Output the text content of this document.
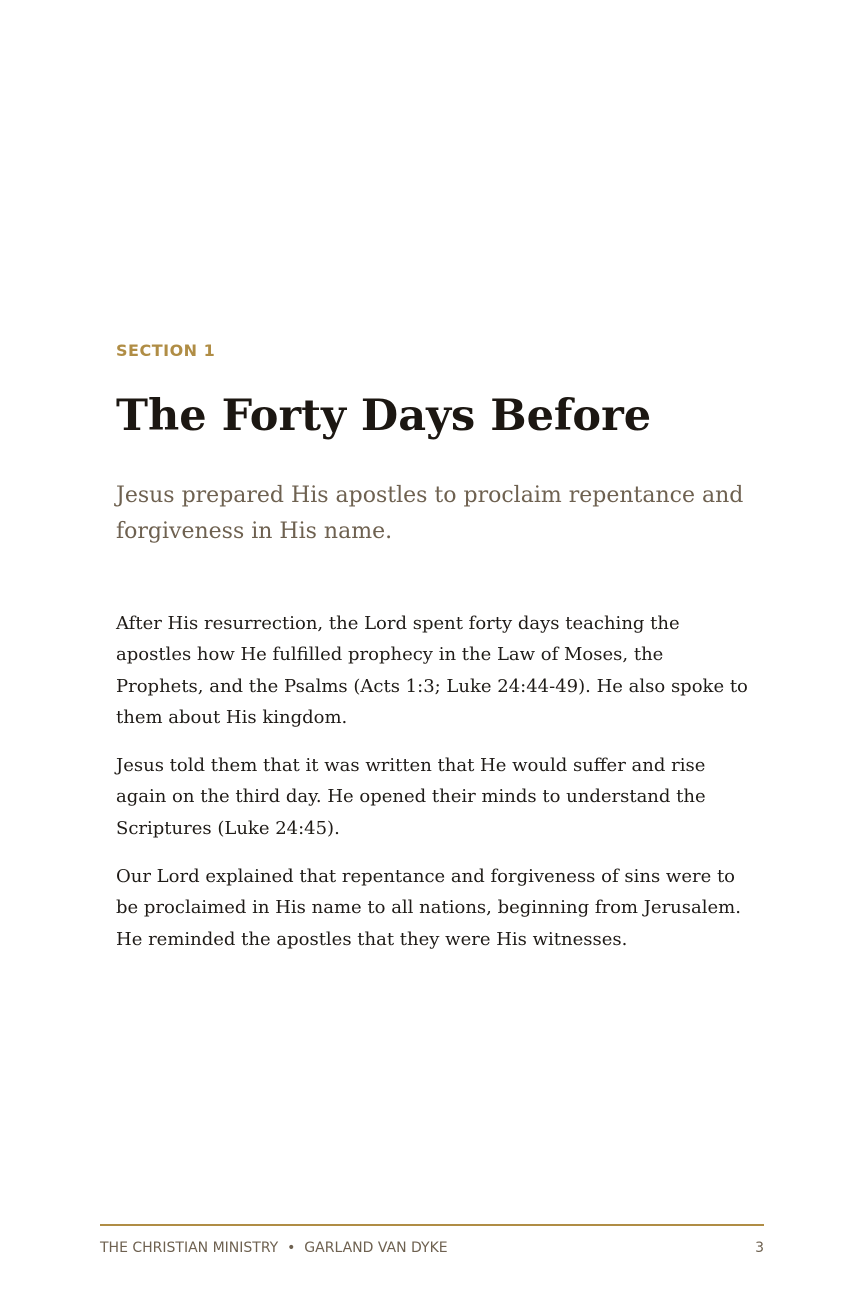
SECTION 1

The Forty Days Before

Jesus prepared His apostles to proclaim repentance and forgiveness in His name.

After His resurrection, the Lord spent forty days teaching the apostles how He fulfilled prophecy in the Law of Moses, the Prophets, and the Psalms (Acts 1:3; Luke 24:44-49). He also spoke to them about His kingdom.

Jesus told them that it was written that He would suffer and rise again on the third day. He opened their minds to understand the Scriptures (Luke 24:45).

Our Lord explained that repentance and forgiveness of sins were to be proclaimed in His name to all nations, beginning from Jerusalem. He reminded the apostles that they were His witnesses.

THE CHRISTIAN MINISTRY  •  GARLAND VAN DYKE	3
